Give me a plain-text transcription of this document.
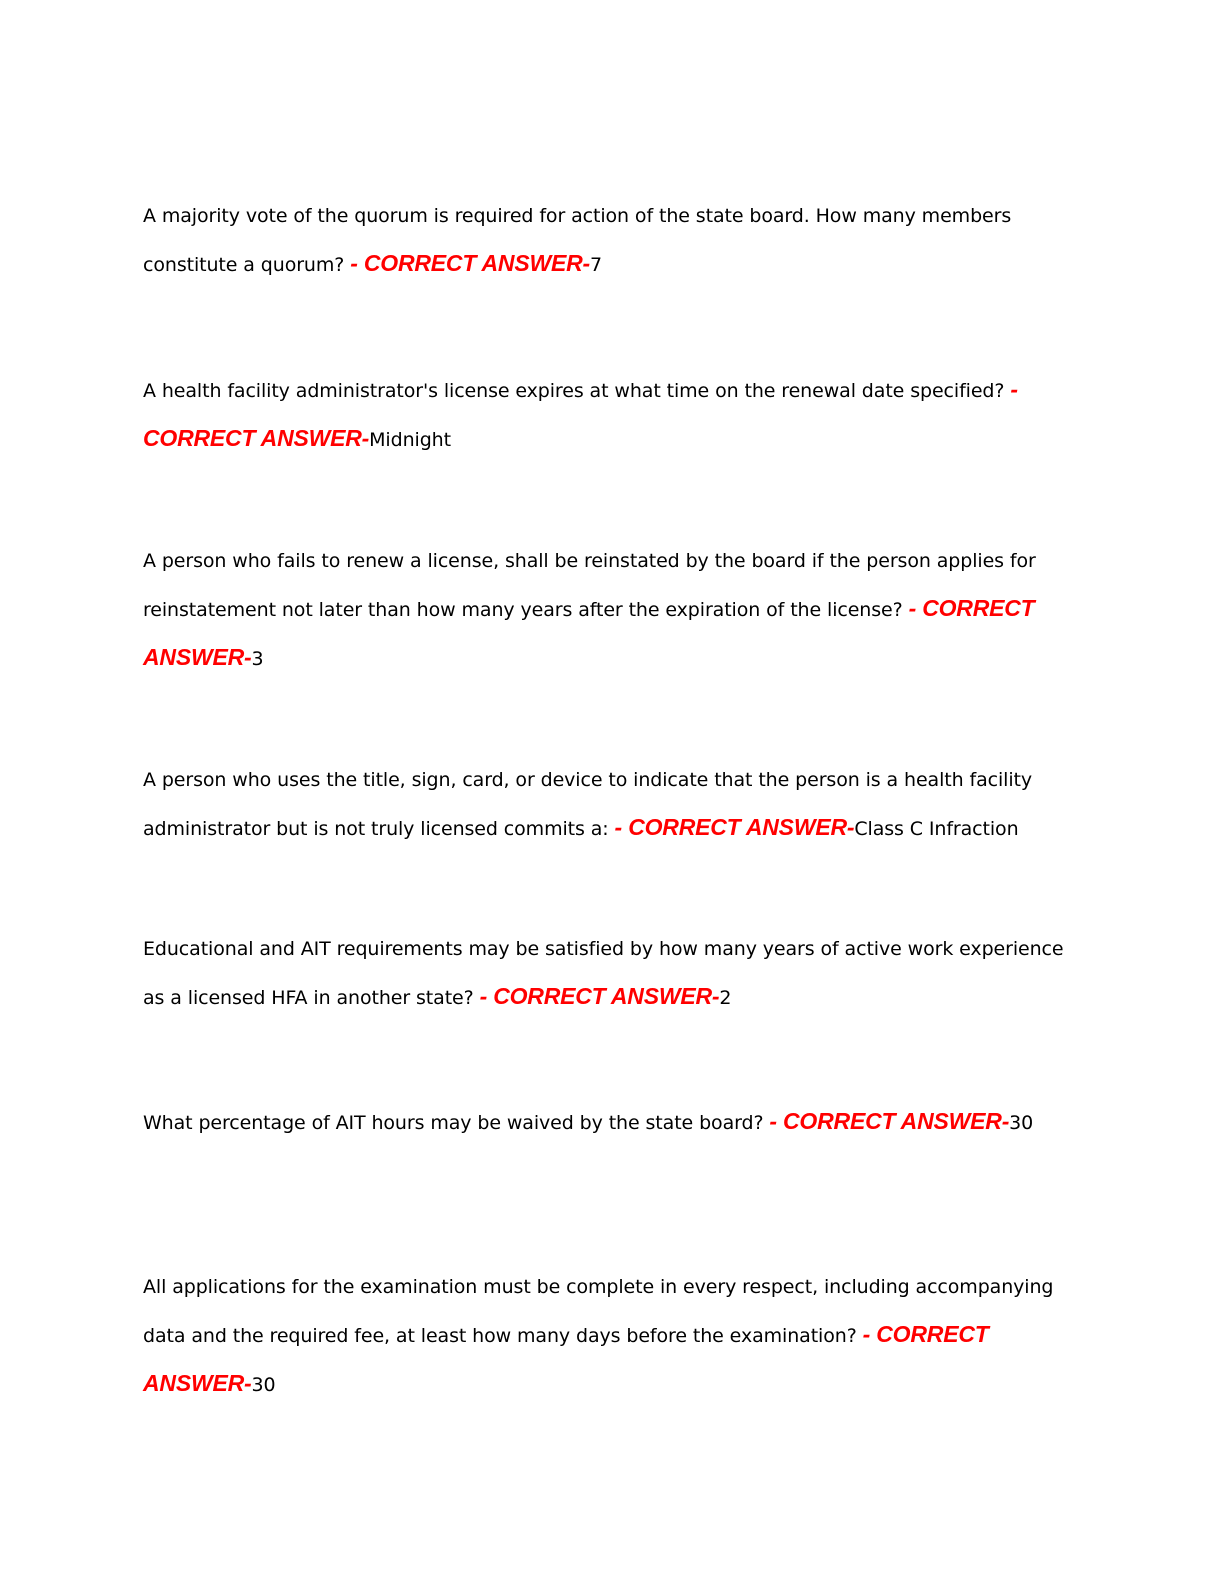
A majority vote of the quorum is required for action of the state board. How many members constitute a quorum? - CORRECT ANSWER-7

A health facility administrator's license expires at what time on the renewal date specified? - CORRECT ANSWER-Midnight

A person who fails to renew a license, shall be reinstated by the board if the person applies for reinstatement not later than how many years after the expiration of the license? - CORRECT ANSWER-3

A person who uses the title, sign, card, or device to indicate that the person is a health facility administrator but is not truly licensed commits a: - CORRECT ANSWER-Class C Infraction

Educational and AIT requirements may be satisfied by how many years of active work experience as a licensed HFA in another state? - CORRECT ANSWER-2

What percentage of AIT hours may be waived by the state board? - CORRECT ANSWER-30

All applications for the examination must be complete in every respect, including accompanying data and the required fee, at least how many days before the examination? - CORRECT ANSWER-30
